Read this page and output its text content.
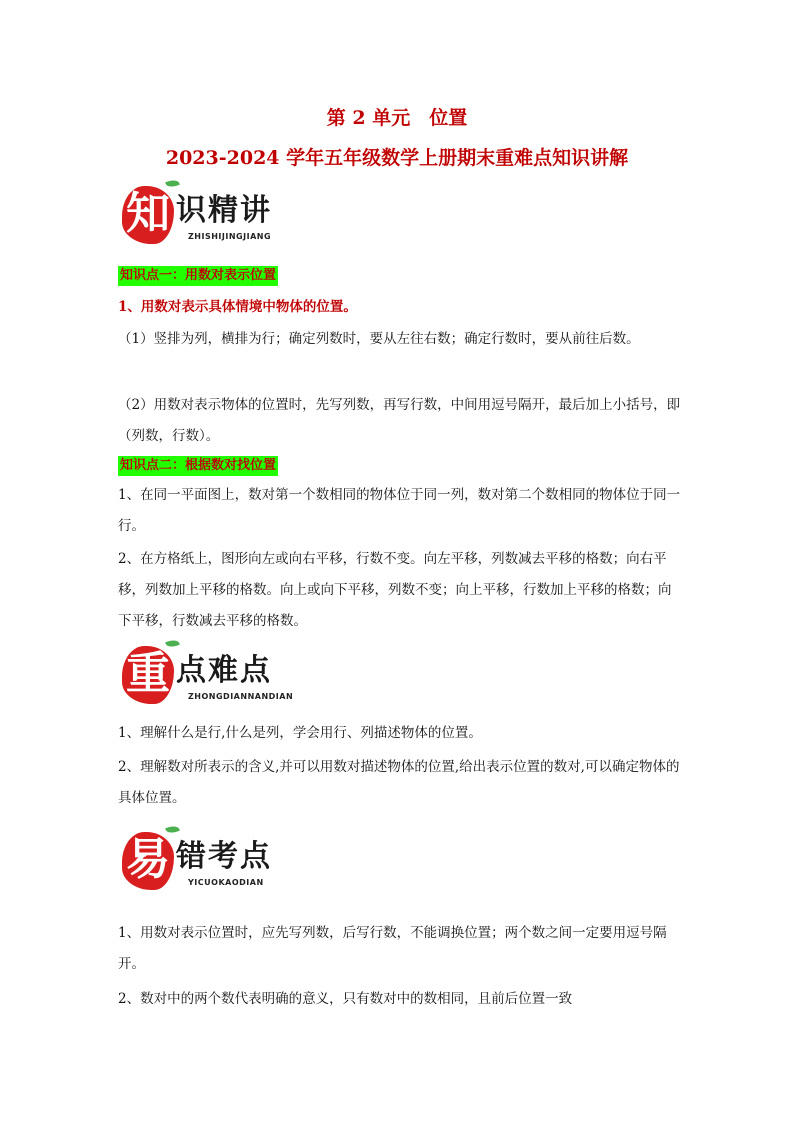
第 2 单元　位置
2023-2024 学年五年级数学上册期末重难点知识讲解
知 识精讲
ZHISHIJINGJIANG
知识点一：用数对表示位置

1、用数对表示具体情境中物体的位置。

（1）竖排为列，横排为行；确定列数时，要从左往右数；确定行数时，要从前往后数。

（2）用数对表示物体的位置时，先写列数，再写行数，中间用逗号隔开，最后加上小括号，即（列数，行数）。

知识点二：根据数对找位置

1、在同一平面图上，数对第一个数相同的物体位于同一列，数对第二个数相同的物体位于同一行。

2、在方格纸上，图形向左或向右平移，行数不变。向左平移，列数减去平移的格数；向右平移，列数加上平移的格数。向上或向下平移，列数不变；向上平移，行数加上平移的格数；向下平移，行数减去平移的格数。

重 点难点
ZHONGDIANNANDIAN

1、理解什么是行,什么是列，学会用行、列描述物体的位置。

2、理解数对所表示的含义,并可以用数对描述物体的位置,给出表示位置的数对,可以确定物体的具体位置。

易 错考点
YICUOKAODIAN

1、用数对表示位置时，应先写列数，后写行数，不能调换位置；两个数之间一定要用逗号隔开。

2、数对中的两个数代表明确的意义，只有数对中的数相同，且前后位置一致
